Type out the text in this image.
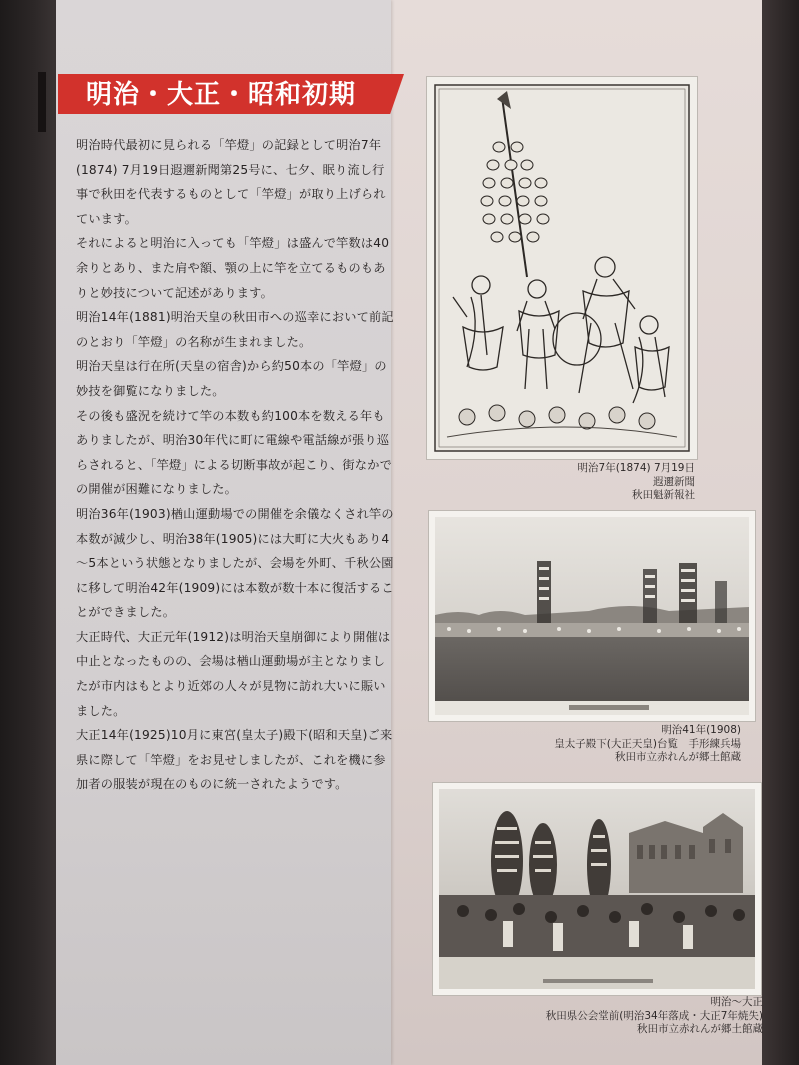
明治・大正・昭和初期

明治時代最初に見られる「竿燈」の記録として明治7年(1874) 7月19日遐邇新聞第25号に、七夕、眠り流し行事で秋田を代表するものとして「竿燈」が取り上げられています。

それによると明治に入っても「竿燈」は盛んで竿数は40余りとあり、また肩や額、顎の上に竿を立てるものもありと妙技について記述があります。

明治14年(1881)明治天皇の秋田市への巡幸において前記のとおり「竿燈」の名称が生まれました。

明治天皇は行在所(天皇の宿舎)から約50本の「竿燈」の妙技を御覧になりました。

その後も盛況を続けて竿の本数も約100本を数える年もありましたが、明治30年代に町に電線や電話線が張り巡らされると、「竿燈」による切断事故が起こり、街なかでの開催が困難になりました。

明治36年(1903)楢山運動場での開催を余儀なくされ竿の本数が減少し、明治38年(1905)には大町に大火もあり4～5本という状態となりましたが、会場を外町、千秋公園に移して明治42年(1909)には本数が数十本に復活することができました。

大正時代、大正元年(1912)は明治天皇崩御により開催は中止となったものの、会場は楢山運動場が主となりましたが市内はもとより近郊の人々が見物に訪れ大いに賑いました。

大正14年(1925)10月に東宮(皇太子)殿下(昭和天皇)ご来県に際して「竿燈」をお見せしましたが、これを機に参加者の服装が現在のものに統一されたようです。

明治7年(1874) 7月19日
遐邇新聞
秋田魁新報社
明治41年(1908)
皇太子殿下(大正天皇)台覧　手形練兵場
秋田市立赤れんが郷土館蔵
明治～大正
秋田県公会堂前(明治34年落成・大正7年焼失)
秋田市立赤れんが郷土館蔵
